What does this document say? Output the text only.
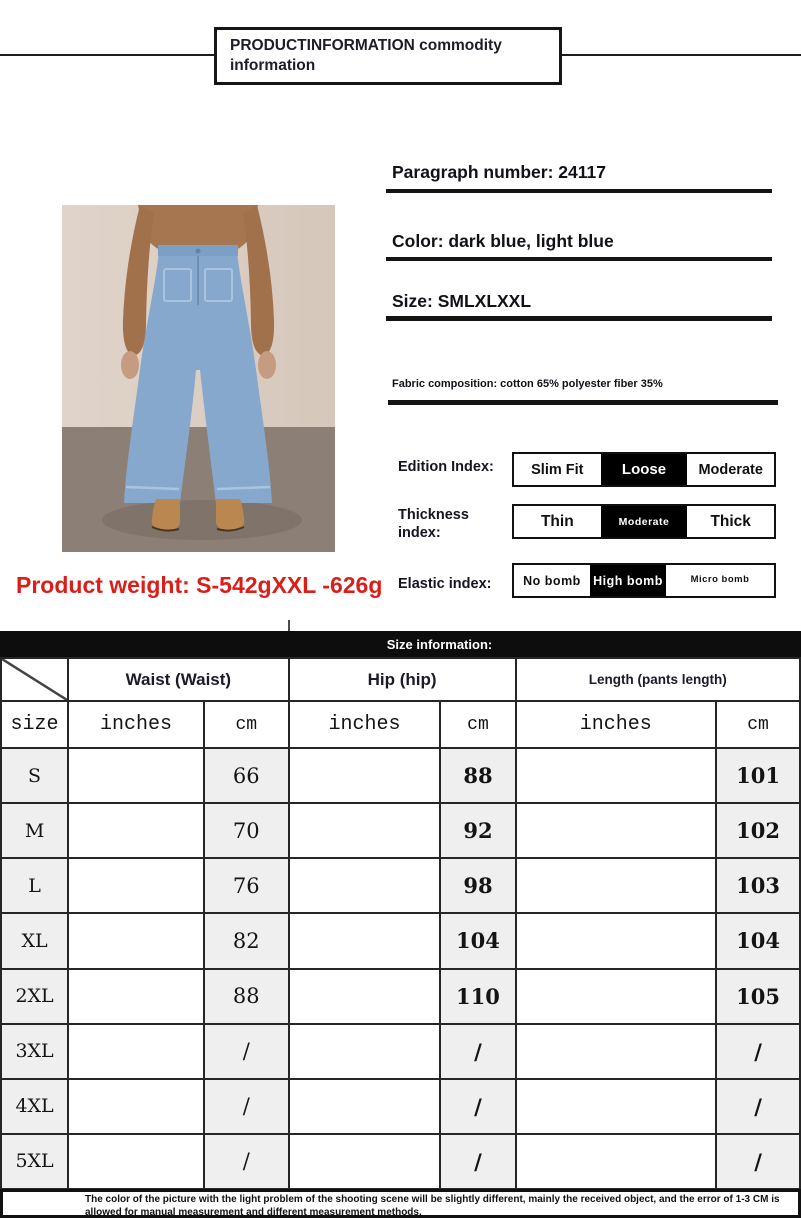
PRODUCTINFORMATION commodity information
Paragraph number: 24117
Color: dark blue, light blue
Size: SMLXLXXL
Fabric composition: cotton 65% polyester fiber 35%
Edition Index:	Slim Fit	Loose	Moderate
Thickness index:
Thin	Moderate	Thick
Elastic index:	No bomb High bomb	Micro bomb
Product weight: S-542gXXL -626g
Size information:
	Waist (Waist)		Hip (hip)		Length (pants length)	
size	inches	cm	inches	cm	inches	cm
S		66		88		101
M		70		92		102
L		76		98		103
XL		82		104		104
2XL		88		110		105
3XL		/		/		/
4XL		/		/		/
5XL		/		/		/
The color of the picture with the light problem of the shooting scene will be slightly different, mainly the received object, and the error of 1-3 CM is allowed for manual measurement and different measurement methods.
